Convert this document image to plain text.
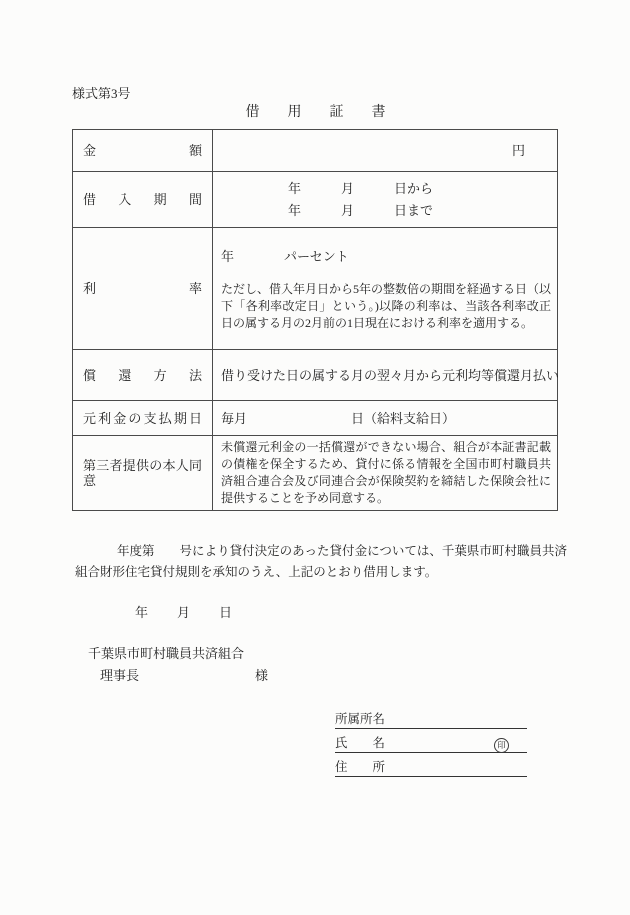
様式第3号
借　　用　　証　　書
金額	円

借入期間	
年	月	日から
年	月	日まで

利率	年 パーセント
ただし、借入年月日から5年の整数倍の期間を経過する日（以下「各利率改定日」という。)以降の利率は、当該各利率改正日の属する月の2月前の1日現在における利率を適用する。

償還方法	借り受けた日の属する月の翌々月から元利均等償還 月払い

元利金の支払期日	毎月 日（給料支給日）

第三者提供の本人同意	未償還元利金の一括償還ができない場合、組合が本証書記載の債権を保全するため、貸付に係る情報を全国市町村職員共済組合連合会及び同連合会が保険契約を締結した保険会社に提供することを予め同意する。
年度第　　号により貸付決定のあった貸付金については、千葉県市町村職員共済組合財形住宅貸付規則を承知のうえ、上記のとおり借用します。
年 月 日
千葉県市町村職員共済組合
理事長	様
所属所名
氏　　名	印
住　　所
